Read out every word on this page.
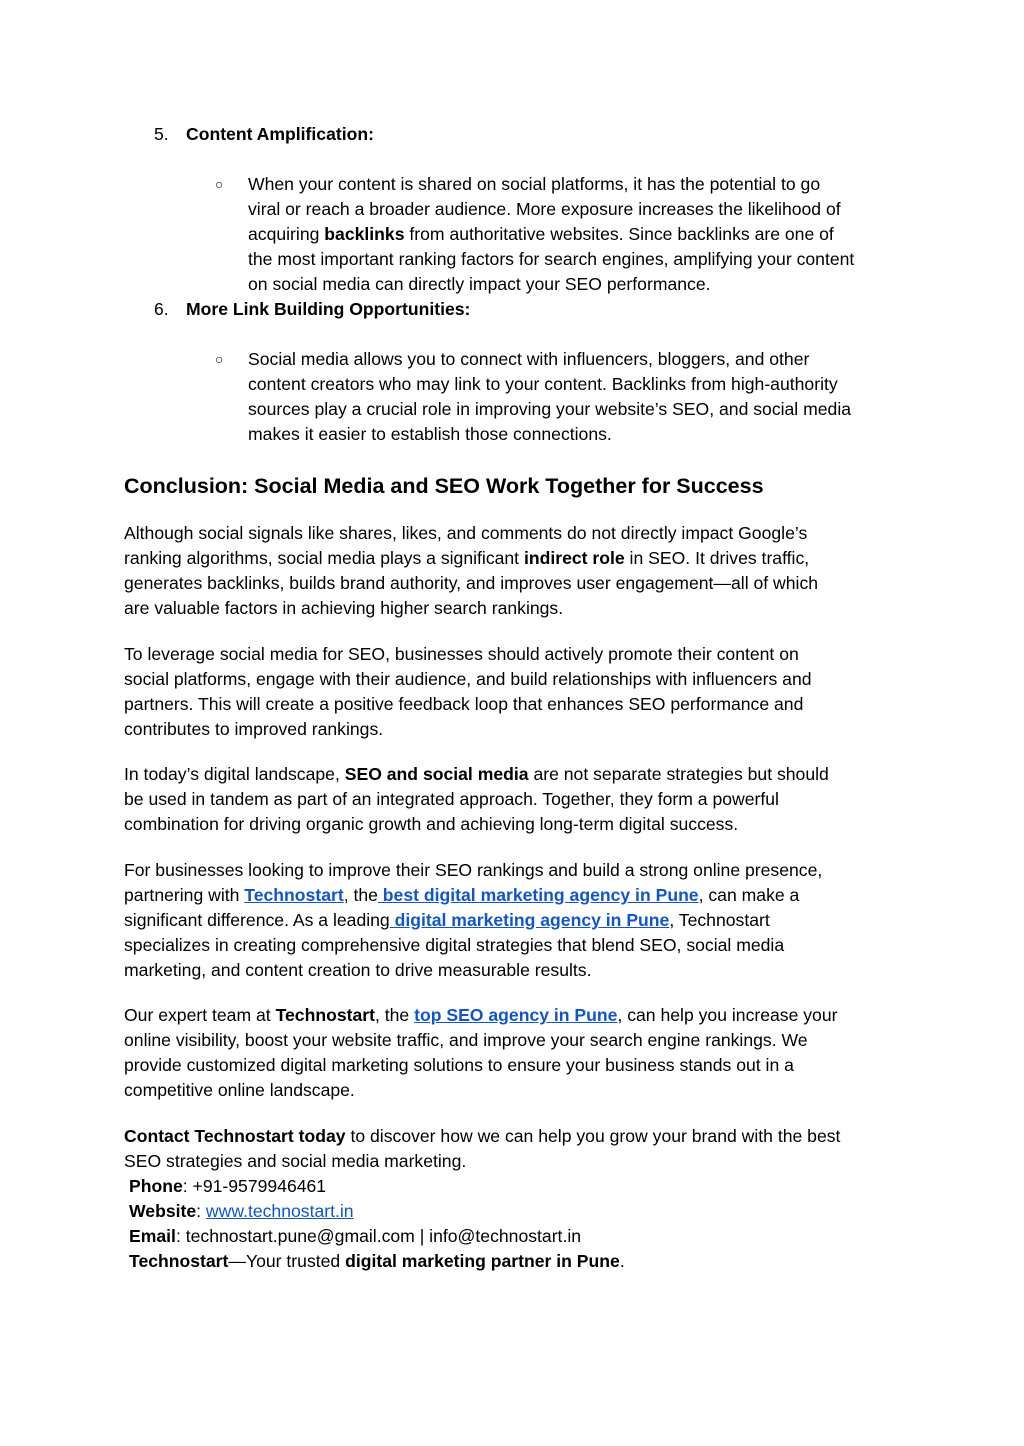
5. Content Amplification:
○ When your content is shared on social platforms, it has the potential to go
viral or reach a broader audience. More exposure increases the likelihood of
acquiring backlinks from authoritative websites. Since backlinks are one of
the most important ranking factors for search engines, amplifying your content
on social media can directly impact your SEO performance.
6. More Link Building Opportunities:
○ Social media allows you to connect with influencers, bloggers, and other
content creators who may link to your content. Backlinks from high-authority
sources play a crucial role in improving your website’s SEO, and social media
makes it easier to establish those connections.
Conclusion: Social Media and SEO Work Together for Success
Although social signals like shares, likes, and comments do not directly impact Google’s
ranking algorithms, social media plays a significant indirect role in SEO. It drives traffic,
generates backlinks, builds brand authority, and improves user engagement—all of which
are valuable factors in achieving higher search rankings.
To leverage social media for SEO, businesses should actively promote their content on
social platforms, engage with their audience, and build relationships with influencers and
partners. This will create a positive feedback loop that enhances SEO performance and
contributes to improved rankings.
In today’s digital landscape, SEO and social media are not separate strategies but should
be used in tandem as part of an integrated approach. Together, they form a powerful
combination for driving organic growth and achieving long-term digital success.
For businesses looking to improve their SEO rankings and build a strong online presence,
partnering with Technostart, the best digital marketing agency in Pune, can make a
significant difference. As a leading digital marketing agency in Pune, Technostart
specializes in creating comprehensive digital strategies that blend SEO, social media
marketing, and content creation to drive measurable results.
Our expert team at Technostart, the top SEO agency in Pune, can help you increase your
online visibility, boost your website traffic, and improve your search engine rankings. We
provide customized digital marketing solutions to ensure your business stands out in a
competitive online landscape.
Contact Technostart today to discover how we can help you grow your brand with the best
SEO strategies and social media marketing.
Phone: +91-9579946461
Website: www.technostart.in
Email: technostart.pune@gmail.com | info@technostart.in
Technostart—Your trusted digital marketing partner in Pune.
